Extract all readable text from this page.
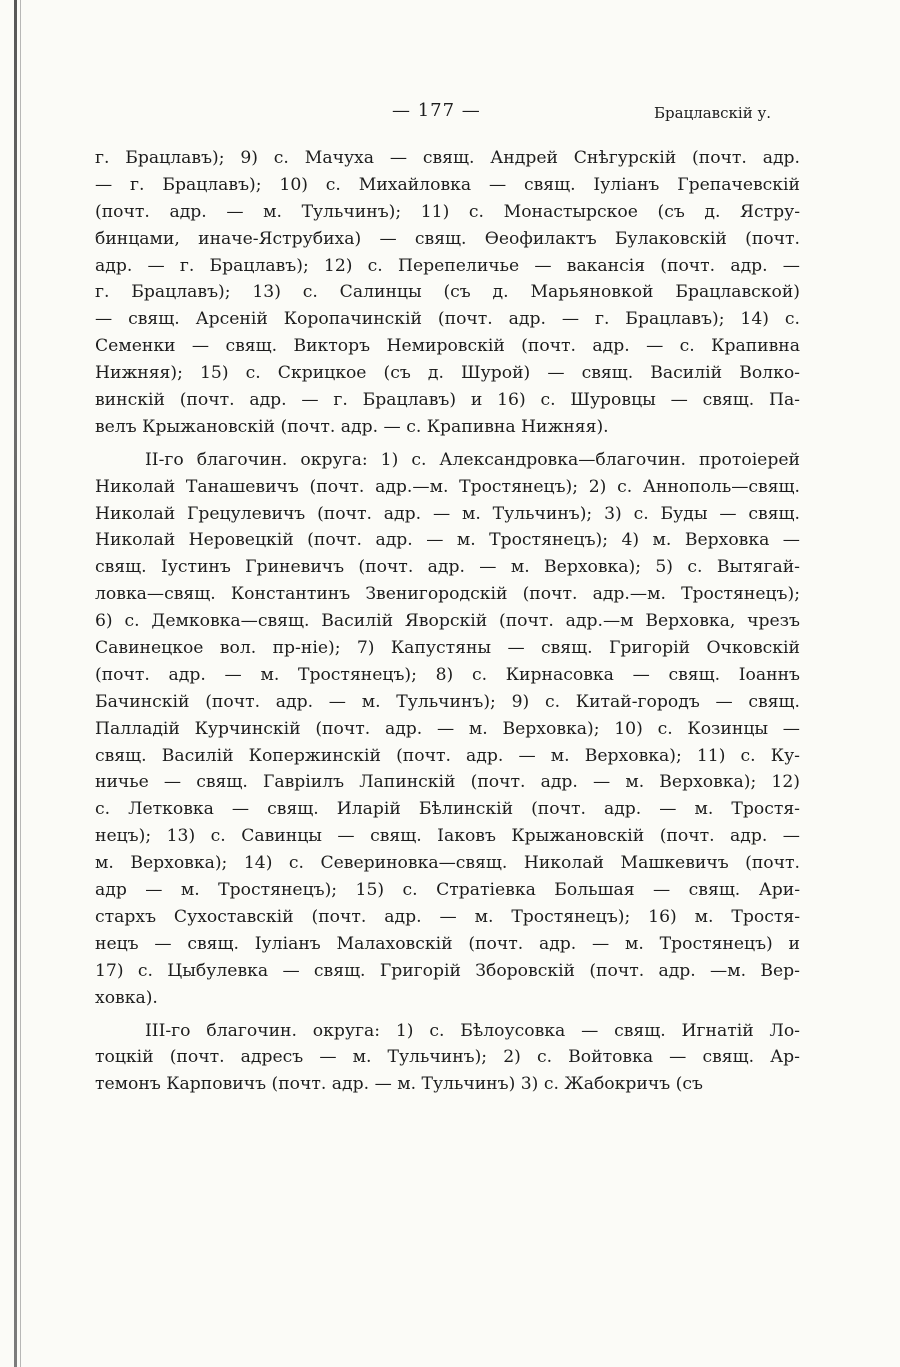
— 177 —	Брацлавскій у.
г. Брацлавъ); 9) с. Мачуха — свящ. Андрей Снѣгурскій (почт. адр.
— г. Брацлавъ); 10) с. Михайловка — свящ. Іуліанъ Грепачевскій
(почт. адр. — м. Тульчинъ); 11) с. Монастырское (съ д. Ястру-
бинцами, иначе-Яструбиха) — свящ. Ѳеофилактъ Булаковскій (почт.
адр. — г. Брацлавъ); 12) с. Перепеличье — вакансія (почт. адр. —
г. Брацлавъ); 13) с. Салинцы (съ д. Марьяновкой Брацлавской)
— свящ. Арсеній Коропачинскій (почт. адр. — г. Брацлавъ); 14) с.
Семенки — свящ. Викторъ Немировскій (почт. адр. — с. Крапивна
Нижняя); 15) с. Скрицкое (съ д. Шурой) — свящ. Василій Волко-
винскій (почт. адр. — г. Брацлавъ) и 16) с. Шуровцы — свящ. Па-
велъ Крыжановскій (почт. адр. — с. Крапивна Нижняя).
II-го благочин. округа: 1) с. Александровка—благочин. протоіерей
Николай Танашевичъ (почт. адр.—м. Тростянецъ); 2) с. Аннополь—свящ.
Николай Грецулевичъ (почт. адр. — м. Тульчинъ); 3) с. Буды — свящ.
Николай Неровецкій (почт. адр. — м. Тростянецъ); 4) м. Верховка —
свящ. Іустинъ Гриневичъ (почт. адр. — м. Верховка); 5) с. Вытягай-
ловка—свящ. Константинъ Звенигородскій (почт. адр.—м. Тростянецъ);
6) с. Демковка—свящ. Василій Яворскій (почт. адр.—м Верховка, чрезъ
Савинецкое вол. пр-ніе); 7) Капустяны — свящ. Григорій Очковскій
(почт. адр. — м. Тростянецъ); 8) с. Кирнасовка — свящ. Іоаннъ
Бачинскій (почт. адр. — м. Тульчинъ); 9) с. Китай-городъ — свящ.
Палладій Курчинскій (почт. адр. — м. Верховка); 10) с. Козинцы —
свящ. Василій Копержинскій (почт. адр. — м. Верховка); 11) с. Ку-
ничье — свящ. Гавріилъ Лапинскій (почт. адр. — м. Верховка); 12)
с. Летковка — свящ. Иларій Бѣлинскій (почт. адр. — м. Тростя-
нецъ); 13) с. Савинцы — свящ. Іаковъ Крыжановскій (почт. адр. —
м. Верховка); 14) с. Севериновка—свящ. Николай Машкевичъ (почт.
адр — м. Тростянецъ); 15) с. Стратіевка Большая — свящ. Ари-
стархъ Сухоставскій (почт. адр. — м. Тростянецъ); 16) м. Тростя-
нецъ — свящ. Іуліанъ Малаховскій (почт. адр. — м. Тростянецъ) и
17) с. Цыбулевка — свящ. Григорій Зборовскій (почт. адр. —м. Вер-
ховка).
III-го благочин. округа: 1) с. Бѣлоусовка — свящ. Игнатій Ло-
тоцкій (почт. адресъ — м. Тульчинъ); 2) с. Войтовка — свящ. Ар-
темонъ Карповичъ (почт. адр. — м. Тульчинъ) 3) с. Жабокричъ (съ
